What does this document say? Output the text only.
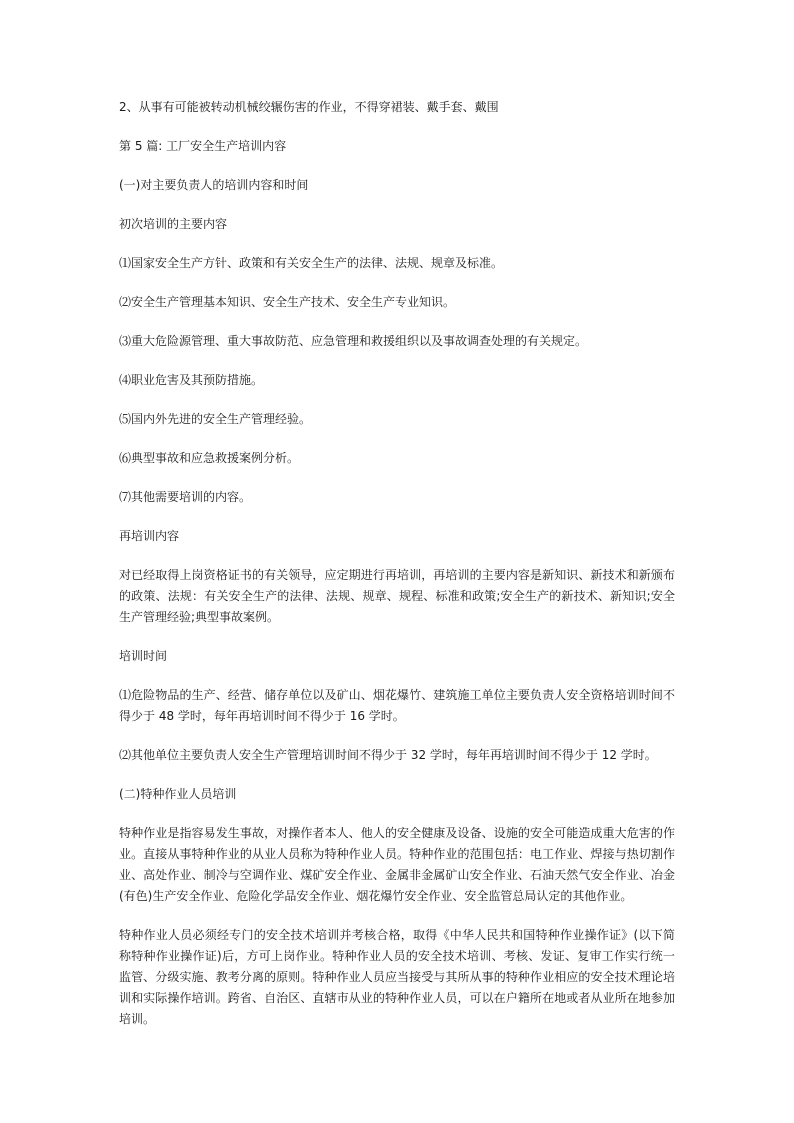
2、从事有可能被转动机械绞辗伤害的作业，不得穿裙装、戴手套、戴围

第 5 篇: 工厂安全生产培训内容

(一)对主要负责人的培训内容和时间

初次培训的主要内容

⑴国家安全生产方针、政策和有关安全生产的法律、法规、规章及标准。

⑵安全生产管理基本知识、安全生产技术、安全生产专业知识。

⑶重大危险源管理、重大事故防范、应急管理和救援组织以及事故调查处理的有关规定。

⑷职业危害及其预防措施。

⑸国内外先进的安全生产管理经验。

⑹典型事故和应急救援案例分析。

⑺其他需要培训的内容。

再培训内容

对已经取得上岗资格证书的有关领导，应定期进行再培训，再培训的主要内容是新知识、新技术和新颁布的政策、法规：有关安全生产的法律、法规、规章、规程、标准和政策;安全生产的新技术、新知识;安全生产管理经验;典型事故案例。

培训时间

⑴危险物品的生产、经营、储存单位以及矿山、烟花爆竹、建筑施工单位主要负责人安全资格培训时间不得少于 48 学时，每年再培训时间不得少于 16 学时。

⑵其他单位主要负责人安全生产管理培训时间不得少于 32 学时，每年再培训时间不得少于 12 学时。

(二)特种作业人员培训

特种作业是指容易发生事故，对操作者本人、他人的安全健康及设备、设施的安全可能造成重大危害的作业。直接从事特种作业的从业人员称为特种作业人员。特种作业的范围包括：电工作业、焊接与热切割作业、高处作业、制冷与空调作业、煤矿安全作业、金属非金属矿山安全作业、石油天然气安全作业、冶金(有色)生产安全作业、危险化学品安全作业、烟花爆竹安全作业、安全监管总局认定的其他作业。

特种作业人员必须经专门的安全技术培训并考核合格，取得《中华人民共和国特种作业操作证》(以下简称特种作业操作证)后，方可上岗作业。特种作业人员的安全技术培训、考核、发证、复审工作实行统一监管、分级实施、教考分离的原则。特种作业人员应当接受与其所从事的特种作业相应的安全技术理论培训和实际操作培训。跨省、自治区、直辖市从业的特种作业人员，可以在户籍所在地或者从业所在地参加培训。
